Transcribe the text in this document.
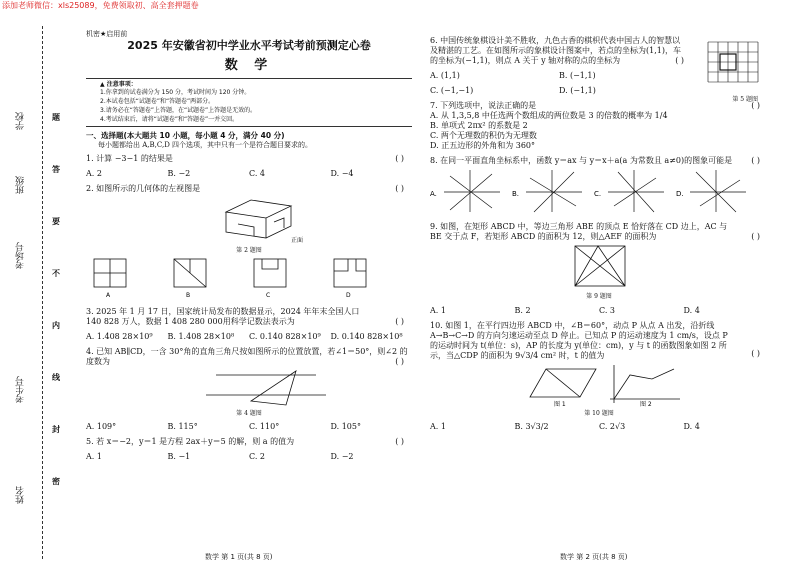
添加老师微信：xls25089，免费领取初、高全套押题卷
学校
班级
考场号
考生号
姓名
题
答
要
不
内
线
封
密
机密★启用前
2025 年安徽省初中学业水平考试考前预测定心卷
数 学
▲ 注意事项：
1.你拿到的试卷满分为 150 分，考试时间为 120 分钟。
2.本试卷包括“试题卷”和“答题卷”两部分。
3.请务必在“答题卷”上答题，在“试题卷”上答题是无效的。
4.考试结束后，请将“试题卷”和“答题卷”一并交回。
一、选择题(本大题共 10 小题，每小题 4 分，满分 40 分)
每小题都给出 A,B,C,D 四个选项，其中只有一个是符合题目要求的。
1. 计算 −3−1 的结果是	( )
A. 2	B. −2	C. 4	D. −4
2. 如图所示的几何体的左视图是	( )
正面
第 2 题图
A	B	C	D
3. 2025 年 1 月 17 日，国家统计局发布的数据显示，2024 年年末全国人口 140 828 万人，数据 1 408 280 000用科学记数法表示为	( )
A. 1.408 28×10⁹	B. 1.408 28×10⁸	C. 0.140 828×10⁹	D. 0.140 828×10⁸
4. 已知 AB∥CD，一含 30°角的直角三角尺按如图所示的位置放置，若∠1＝50°，则∠2 的度数为	( )
第 4 题图
A. 109°	B. 115°	C. 110°	D. 105°
5. 若 x＝−2，y＝1 是方程 2ax＋y＝5 的解，则 a 的值为	( )
A. 1	B. −1	C. 2	D. −2
数学 第 1 页(共 8 页)
6. 中国传统象棋设计美不胜收，九色古香的棋枳代表中国古人的智慧以及精湛的工艺。在如图所示的象棋设计图案中，若点的坐标为(1,1)，车的坐标为(−1,1)，则点 A 关于 y 轴对称的点的坐标为	( )
第 5 题图
A. (1,1)	B. (−1,1)
C. (−1,−1)	D. (−1,1)
7. 下列选项中，说法正确的是	( )
A. 从 1,3,5,8 中任选两个数组成的两位数是 3 的倍数的概率为 1/4
B. 单项式 2πx² 的系数是 2
C. 两个无理数的积仍为无理数
D. 正五边形的外角和为 360°
8. 在同一平面直角坐标系中，函数 y＝ax 与 y＝x＋a(a 为常数且 a≠0)的图象可能是	( )
A.	B.	C.	D.
9. 如图，在矩形 ABCD 中，等边三角形 ABE 的顶点 E 恰好落在 CD 边上，AC 与 BE 交于点 F，若矩形 ABCD 的面积为 12，则△AEF 的面积为	( )
第 9 题图
A. 1	B. 2	C. 3	D. 4
10. 如图 1，在平行四边形 ABCD 中，∠B＝60°，动点 P 从点 A 出发，沿折线 A→B→C→D 的方向匀速运动至点 D 停止。已知点 P 的运动速度为 1 cm/s，设点 P 的运动时间为 t(单位：s)，AP 的长度为 y(单位：cm)，y 与 t 的函数图象如图 2 所示，当△CDP 的面积为 9√3/4 cm² 时，t 的值为	( )
图 1	图 2
第 10 题图
A. 1	B. 3√3/2	C. 2√3	D. 4
数学 第 2 页(共 8 页)
